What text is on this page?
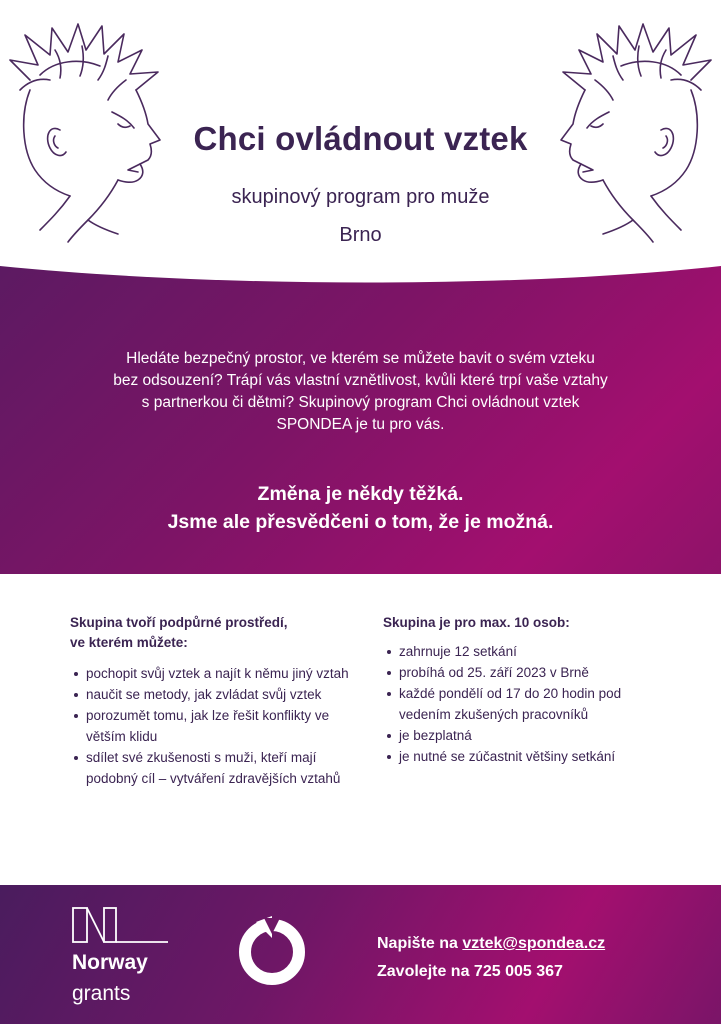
Chci ovládnout vztek
skupinový program pro muže
Brno
Hledáte bezpečný prostor, ve kterém se můžete bavit o svém vzteku
bez odsouzení? Trápí vás vlastní vznětlivost, kvůli které trpí vaše vztahy
s partnerkou či dětmi? Skupinový program Chci ovládnout vztek
SPONDEA je tu pro vás.
Změna je někdy těžká.
Jsme ale přesvědčeni o tom, že je možná.
Skupina tvoří podpůrné prostředí,
ve kterém můžete:
pochopit svůj vztek a najít k němu jiný vztah
naučit se metody, jak zvládat svůj vztek
porozumět tomu, jak lze řešit konflikty ve větším klidu
sdílet své zkušenosti s muži, kteří mají podobný cíl – vytváření zdravějších vztahů
Skupina je pro max. 10 osob:
zahrnuje 12 setkání
probíhá od 25. září 2023 v Brně
každé pondělí od 17 do 20 hodin pod vedením zkušených pracovníků
je bezplatná
je nutné se zúčastnit většiny setkání
Norway
grants
Napište na vztek@spondea.cz
Zavolejte na 725 005 367
